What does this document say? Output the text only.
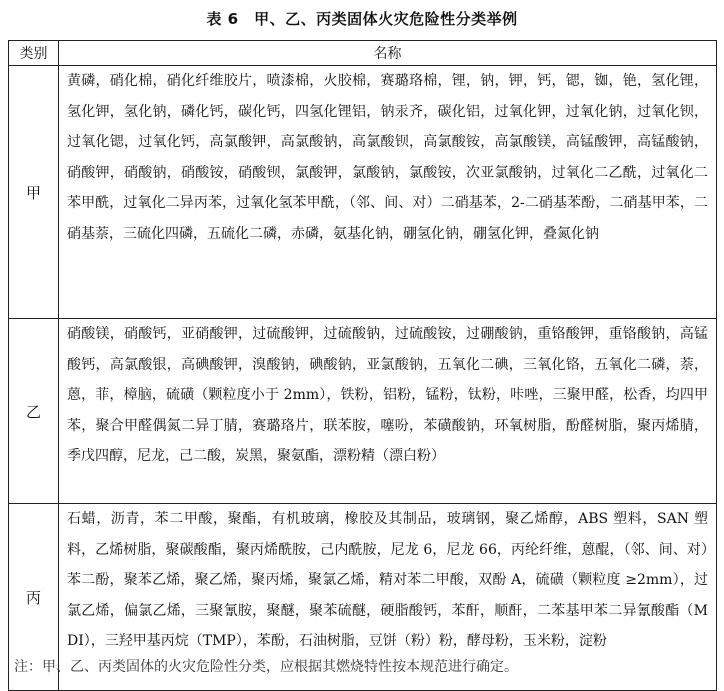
表 6　甲、乙、丙类固体火灾危险性分类举例
类别	名称
甲	黄磷，硝化棉，硝化纤维胶片，喷漆棉，火胶棉，赛璐珞棉，锂，钠，钾，钙，锶，铷，铯，氢化锂，氢化钾，氢化钠，磷化钙，碳化钙，四氢化锂铝，钠汞齐，碳化铝，过氧化钾，过氧化钠，过氧化钡，过氧化锶，过氧化钙，高氯酸钾，高氯酸钠，高氯酸钡，高氯酸铵，高氯酸镁，高锰酸钾，高锰酸钠，硝酸钾，硝酸钠，硝酸铵，硝酸钡，氯酸钾，氯酸钠，氯酸铵，次亚氯酸钠，过氧化二乙酰，过氧化二苯甲酰，过氧化二异丙苯，过氧化氢苯甲酰，（邻、间、对）二硝基苯，2-二硝基苯酚，二硝基甲苯，二硝基萘，三硫化四磷，五硫化二磷，赤磷，氨基化钠，硼氢化钠，硼氢化钾，叠氮化钠
乙	硝酸镁，硝酸钙，亚硝酸钾，过硫酸钾，过硫酸钠，过硫酸铵，过硼酸钠，重铬酸钾，重铬酸钠，高锰酸钙，高氯酸银，高碘酸钾，溴酸钠，碘酸钠，亚氯酸钠，五氧化二碘，三氧化铬，五氧化二磷，萘，蒽，菲，樟脑，硫磺（颗粒度小于 2mm），铁粉，铝粉，锰粉，钛粉，咔唑，三聚甲醛，松香，均四甲苯，聚合甲醛偶氮二异丁腈，赛璐珞片，联苯胺，噻吩，苯磺酸钠，环氧树脂，酚醛树脂，聚丙烯腈，季戊四醇，尼龙，己二酸，炭黑，聚氨酯，漂粉精（漂白粉）
丙	石蜡，沥青，苯二甲酸，聚酯，有机玻璃，橡胶及其制品，玻璃钢，聚乙烯醇，ABS 塑料，SAN 塑料，乙烯树脂，聚碳酸酯，聚丙烯酰胺，己内酰胺，尼龙 6，尼龙 66，丙纶纤维，蒽醌，（邻、间、对）苯二酚，聚苯乙烯，聚乙烯，聚丙烯，聚氯乙烯，精对苯二甲酸，双酚 A，硫磺（颗粒度 ≥2mm），过氯乙烯，偏氯乙烯，三聚氰胺，聚醚，聚苯硫醚，硬脂酸钙，苯酐，顺酐，二苯基甲苯二异氰酸酯（MDI），三羟甲基丙烷（TMP），苯酚，石油树脂，豆饼（粉）粉，酵母粉，玉米粉，淀粉
注：甲、乙、丙类固体的火灾危险性分类，应根据其燃烧特性按本规范进行确定。
